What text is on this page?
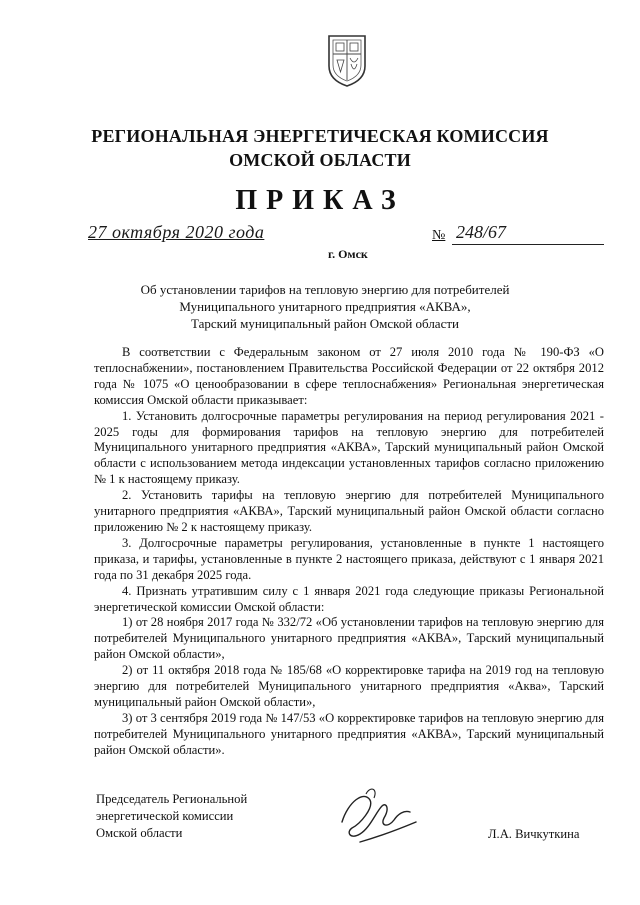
РЕГИОНАЛЬНАЯ ЭНЕРГЕТИЧЕСКАЯ КОМИССИЯ
ОМСКОЙ ОБЛАСТИ
ПРИКАЗ
27 октября 2020 года	№ 248/67
г. Омск
Об установлении тарифов на тепловую энергию для потребителей
Муниципального унитарного предприятия «АКВА»,
Тарский муниципальный район Омской области

В соответствии с Федеральным законом от 27 июля 2010 года № 190-ФЗ «О теплоснабжении», постановлением Правительства Российской Федерации от 22 октября 2012 года № 1075 «О ценообразовании в сфере теплоснабжения» Региональная энергетическая комиссия Омской области приказывает:

1. Установить долгосрочные параметры регулирования на период регулирования 2021 - 2025 годы для формирования тарифов на тепловую энергию для потребителей Муниципального унитарного предприятия «АКВА», Тарский муниципальный район Омской области с использованием метода индексации установленных тарифов согласно приложению № 1 к настоящему приказу.

2. Установить тарифы на тепловую энергию для потребителей Муниципального унитарного предприятия «АКВА», Тарский муниципальный район Омской области согласно приложению № 2 к настоящему приказу.

3. Долгосрочные параметры регулирования, установленные в пункте 1 настоящего приказа, и тарифы, установленные в пункте 2 настоящего приказа, действуют с 1 января 2021 года по 31 декабря 2025 года.

4. Признать утратившим силу с 1 января 2021 года следующие приказы Региональной энергетической комиссии Омской области:

1) от 28 ноября 2017 года № 332/72 «Об установлении тарифов на тепловую энергию для потребителей Муниципального унитарного предприятия «АКВА», Тарский муниципальный район Омской области»,

2) от 11 октября 2018 года № 185/68 «О корректировке тарифа на 2019 год на тепловую энергию для потребителей Муниципального унитарного предприятия «Аква», Тарский муниципальный район Омской области»,

3) от 3 сентября 2019 года № 147/53 «О корректировке тарифов на тепловую энергию для потребителей Муниципального унитарного предприятия «АКВА», Тарский муниципальный район Омской области».

Председатель Региональной
энергетической комиссии
Омской области	Л.А. Вичкуткина
